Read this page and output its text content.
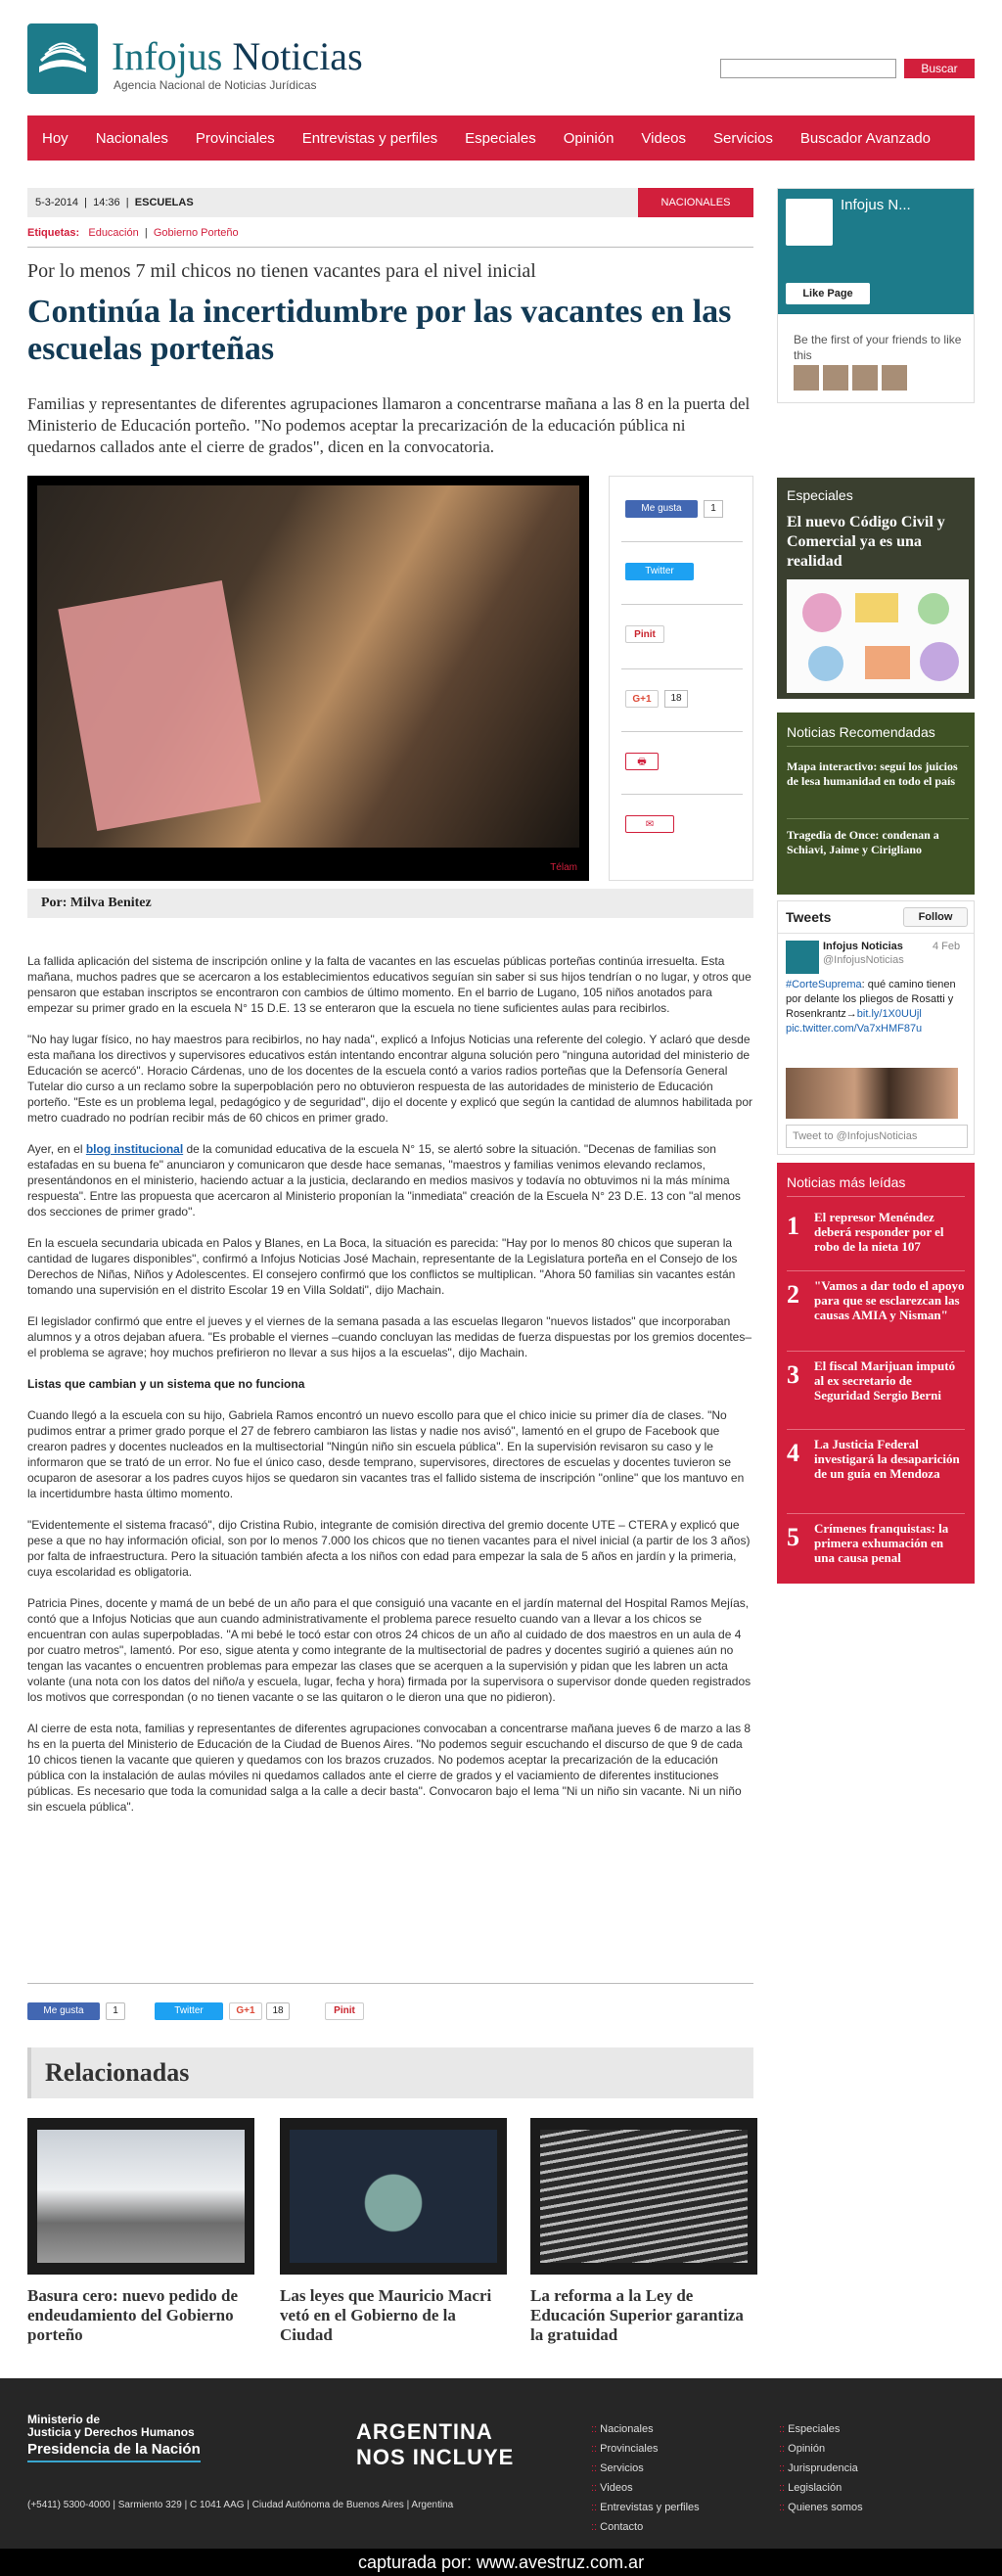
Infojus Noticias
Agencia Nacional de Noticias Jurídicas
Buscar
Hoy Nacionales Provinciales Entrevistas y perfiles Especiales Opinión Videos Servicios Buscador Avanzado
5-3-2014  |  14:36  |  ESCUELAS	NACIONALES
Etiquetas: Educación  |  Gobierno Porteño
Por lo menos 7 mil chicos no tienen vacantes para el nivel inicial
Continúa la incertidumbre por las vacantes en las escuelas porteñas
Familias y representantes de diferentes agrupaciones llamaron a concentrarse mañana a las 8 en la puerta del Ministerio de Educación porteño. "No podemos aceptar la precarización de la educación pública ni quedarnos callados ante el cierre de grados", dicen en la convocatoria.
Télam
Me gusta	1
Twitter
Pinit
G+1	18
🖶
✉
Por: Milva Benitez

La fallida aplicación del sistema de inscripción online y la falta de vacantes en las escuelas públicas porteñas continúa irresuelta. Esta mañana, muchos padres que se acercaron a los establecimientos educativos seguían sin saber si sus hijos tendrían o no lugar, y otros que pensaron que estaban inscriptos se encontraron con cambios de último momento. En el barrio de Lugano, 105 niños anotados para empezar su primer grado en la escuela N° 15 D.E. 13 se enteraron que la escuela no tiene suficientes aulas para recibirlos.

"No hay lugar físico, no hay maestros para recibirlos, no hay nada", explicó a Infojus Noticias una referente del colegio. Y aclaró que desde esta mañana los directivos y supervisores educativos están intentando encontrar alguna solución pero "ninguna autoridad del ministerio de Educación se acercó". Horacio Cárdenas, uno de los docentes de la escuela contó a varios radios porteñas que la Defensoría General Tutelar dio curso a un reclamo sobre la superpoblación pero no obtuvieron respuesta de las autoridades de ministerio de Educación porteño. "Este es un problema legal, pedagógico y de seguridad", dijo el docente y explicó que según la cantidad de alumnos habilitada por metro cuadrado no podrían recibir más de 60 chicos en primer grado.

Ayer, en el blog institucional de la comunidad educativa de la escuela N° 15, se alertó sobre la situación. "Decenas de familias son estafadas en su buena fe" anunciaron y comunicaron que desde hace semanas, "maestros y familias venimos elevando reclamos, presentándonos en el ministerio, haciendo actuar a la justicia, declarando en medios masivos y todavía no obtuvimos ni la más mínima respuesta". Entre las propuesta que acercaron al Ministerio proponían la "inmediata" creación de la Escuela N° 23 D.E. 13 con "al menos dos secciones de primer grado".

En la escuela secundaria ubicada en Palos y Blanes, en La Boca, la situación es parecida: "Hay por lo menos 80 chicos que superan la cantidad de lugares disponibles", confirmó a Infojus Noticias José Machain, representante de la Legislatura porteña en el Consejo de los Derechos de Niñas, Niños y Adolescentes. El consejero confirmó que los conflictos se multiplican. "Ahora 50 familias sin vacantes están tomando una supervisión en el distrito Escolar 19 en Villa Soldati", dijo Machain.

El legislador confirmó que entre el jueves y el viernes de la semana pasada a las escuelas llegaron "nuevos listados" que incorporaban alumnos y a otros dejaban afuera. "Es probable el viernes –cuando concluyan las medidas de fuerza dispuestas por los gremios docentes– el problema se agrave; hoy muchos prefirieron no llevar a sus hijos a la escuelas", dijo Machain.

Listas que cambian y un sistema que no funciona

Cuando llegó a la escuela con su hijo, Gabriela Ramos encontró un nuevo escollo para que el chico inicie su primer día de clases. "No pudimos entrar a primer grado porque el 27 de febrero cambiaron las listas y nadie nos avisó", lamentó en el grupo de Facebook que crearon padres y docentes nucleados en la multisectorial "Ningún niño sin escuela pública". En la supervisión revisaron su caso y le informaron que se trató de un error. No fue el único caso, desde temprano, supervisores, directores de escuelas y docentes tuvieron se ocuparon de asesorar a los padres cuyos hijos se quedaron sin vacantes tras el fallido sistema de inscripción "online" que los mantuvo en la incertidumbre hasta último momento.

"Evidentemente el sistema fracasó", dijo Cristina Rubio, integrante de comisión directiva del gremio docente UTE – CTERA y explicó que pese a que no hay información oficial, son por lo menos 7.000 los chicos que no tienen vacantes para el nivel inicial (a partir de los 3 años) por falta de infraestructura. Pero la situación también afecta a los niños con edad para empezar la sala de 5 años en jardín y la primeria, cuya escolaridad es obligatoria.

Patricia Pines, docente y mamá de un bebé de un año para el que consiguió una vacante en el jardín maternal del Hospital Ramos Mejías, contó que a Infojus Noticias que aun cuando administrativamente el problema parece resuelto cuando van a llevar a los chicos se encuentran con aulas superpobladas. "A mi bebé le tocó estar con otros 24 chicos de un año al cuidado de dos maestros en un aula de 4 por cuatro metros", lamentó. Por eso, sigue atenta y como integrante de la multisectorial de padres y docentes sugirió a quienes aún no tengan las vacantes o encuentren problemas para empezar las clases que se acerquen a la supervisión y pidan que les labren un acta volante (una nota con los datos del niño/a y escuela, lugar, fecha y hora) firmada por la supervisora o supervisor donde queden registrados los motivos que correspondan (o no tienen vacante o se las quitaron o le dieron una que no pidieron).

Al cierre de esta nota, familias y representantes de diferentes agrupaciones convocaban a concentrarse mañana jueves 6 de marzo a las 8 hs en la puerta del Ministerio de Educación de la Ciudad de Buenos Aires. "No podemos seguir escuchando el discurso de que 9 de cada 10 chicos tienen la vacante que quieren y quedamos con los brazos cruzados. No podemos aceptar la precarización de la educación pública con la instalación de aulas móviles ni quedamos callados ante el cierre de grados y el vaciamiento de diferentes instituciones públicas. Es necesario que toda la comunidad salga a la calle a decir basta". Convocaron bajo el lema "Ni un niño sin vacante. Ni un niño sin escuela pública".

Me gusta	1	Twitter	G+1	18	Pinit
Relacionadas
Basura cero: nuevo pedido de endeudamiento del Gobierno porteño
Las leyes que Mauricio Macri vetó en el Gobierno de la Ciudad
La reforma a la Ley de Educación Superior garantiza la gratuidad
Infojus N...
Like Page
Be the first of your friends to like this
Especiales
El nuevo Código Civil y Comercial ya es una realidad
Noticias Recomendadas
Mapa interactivo: seguí los juicios de lesa humanidad en todo el país
Tragedia de Once: condenan a Schiavi, Jaime y Cirigliano
Tweets	Follow
Infojus Noticias	4 Feb
@InfojusNoticias
#CorteSuprema: qué camino tienen por delante los pliegos de Rosatti y Rosenkrantz→bit.ly/1X0UUjl pic.twitter.com/Va7xHMF87u
Tweet to @InfojusNoticias
Noticias más leídas
1 El represor Menéndez deberá responder por el robo de la nieta 107
2 "Vamos a dar todo el apoyo para que se esclarezcan las causas AMIA y Nisman"
3 El fiscal Marijuan imputó al ex secretario de Seguridad Sergio Berni
4 La Justicia Federal investigará la desaparición de un guía en Mendoza
5 Crímenes franquistas: la primera exhumación en una causa penal
Ministerio de
Justicia y Derechos Humanos
Presidencia de la Nación
(+5411) 5300-4000 | Sarmiento 329 | C 1041 AAG | Ciudad Autónoma de Buenos Aires | Argentina
ARGENTINA
NOS INCLUYE
:: Nacionales
:: Provinciales
:: Servicios
:: Videos
:: Entrevistas y perfiles
:: Contacto
:: Especiales
:: Opinión
:: Jurisprudencia
:: Legislación
:: Quienes somos
capturada por: www.avestruz.com.ar
